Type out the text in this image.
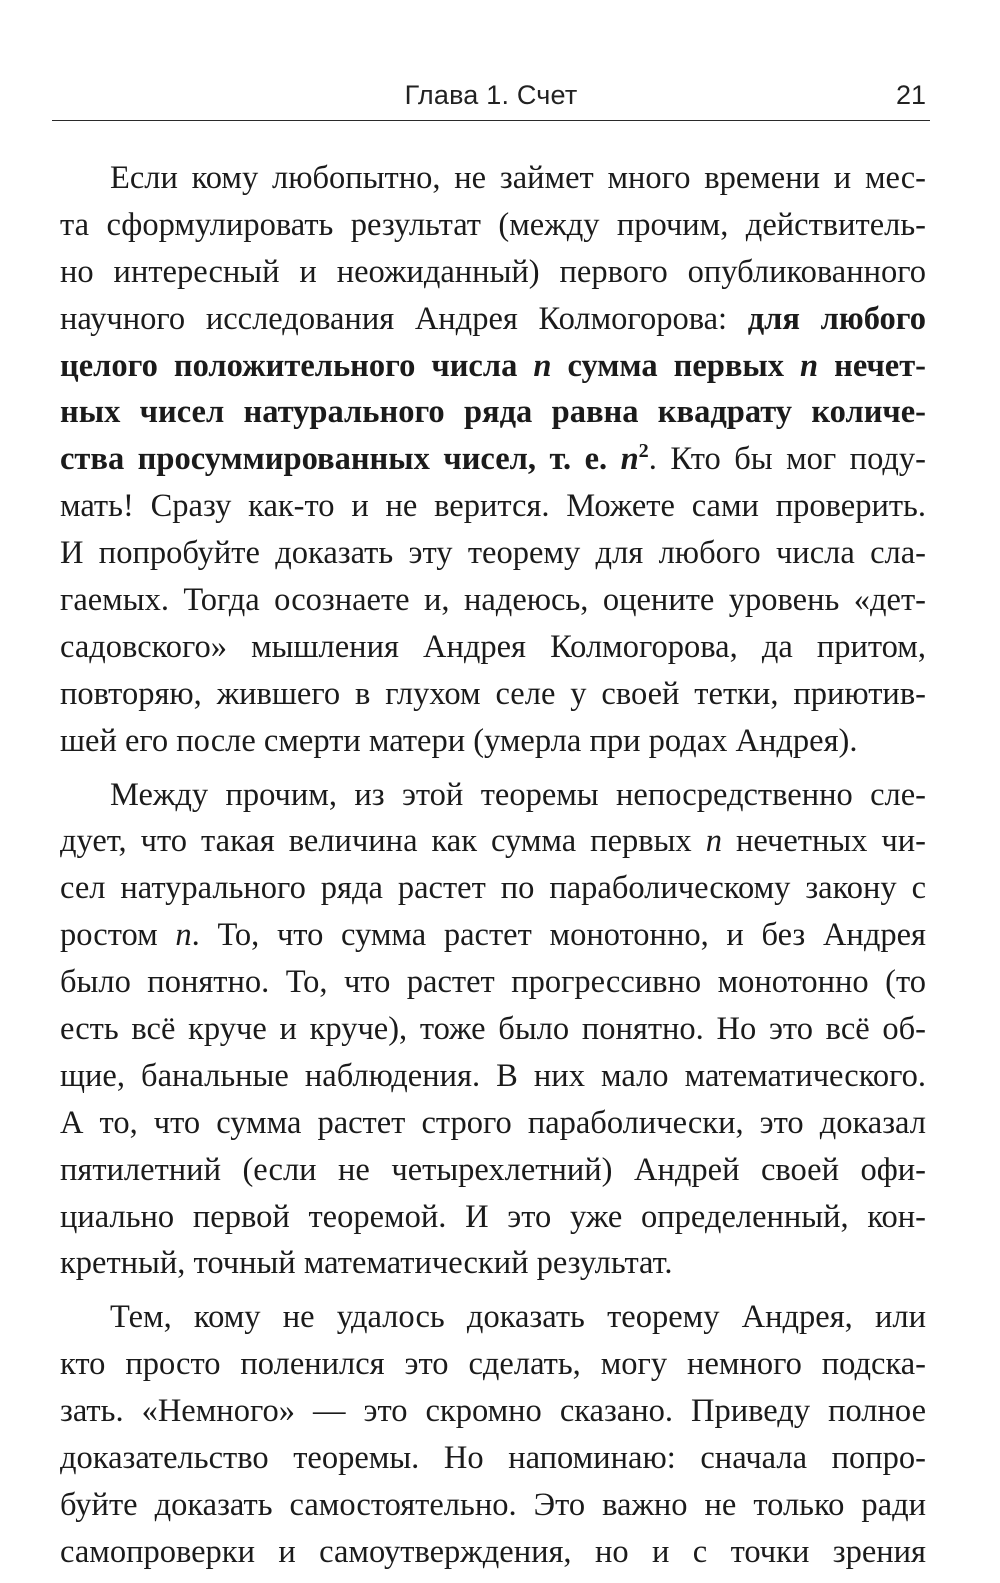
Глава 1. Счет	21
Если кому любопытно, не займет много времени и мес-
та сформулировать результат (между прочим, действитель-
но интересный и неожиданный) первого опубликованного
научного исследования Андрея Колмогорова: для любого
целого положительного числа n сумма первых n нечет-
ных чисел натурального ряда равна квадрату количе-
ства просуммированных чисел, т. е. $n^2$. Кто бы мог поду-
мать! Сразу как-то и не верится. Можете сами проверить.
И попробуйте доказать эту теорему для любого числа сла-
гаемых. Тогда осознаете и, надеюсь, оцените уровень «дет-
садовского» мышления Андрея Колмогорова, да притом,
повторяю, жившего в глухом селе у своей тетки, приютив-
шей его после смерти матери (умерла при родах Андрея).
Между прочим, из этой теоремы непосредственно сле-
дует, что такая величина как сумма первых n нечетных чи-
сел натурального ряда растет по параболическому закону с
ростом n. То, что сумма растет монотонно, и без Андрея
было понятно. То, что растет прогрессивно монотонно (то
есть всё круче и круче), тоже было понятно. Но это всё об-
щие, банальные наблюдения. В них мало математического.
А то, что сумма растет строго параболически, это доказал
пятилетний (если не четырехлетний) Андрей своей офи-
циально первой теоремой. И это уже определенный, кон-
кретный, точный математический результат.
Тем, кому не удалось доказать теорему Андрея, или
кто просто поленился это сделать, могу немного подска-
зать. «Немного» — это скромно сказано. Приведу полное
доказательство теоремы. Но напоминаю: сначала попро-
буйте доказать самостоятельно. Это важно не только ради
самопроверки и самоутверждения, но и с точки зрения
